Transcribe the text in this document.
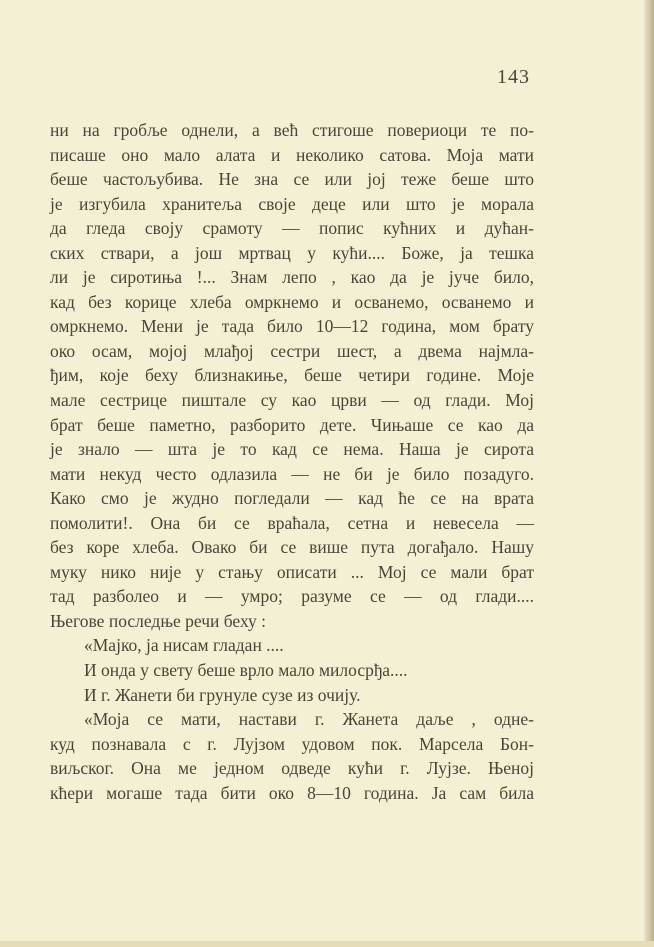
143
ни на гробље однели, а већ стигоше повериоци те по-
писаше оно мало алата и неколико сатова. Моја мати
беше частољубива. Не зна се или јој теже беше што
је изгубила хранитеља своје деце или што је морала
да гледа своју срамоту — попис кућних и дућан-
ских ствари, а још мртвац у кући.... Боже, ја тешка
ли је сиротиња !... Знам лепо , као да је јуче било,
кад без корице хлеба омркнемо и осванемо, осванемо и
омркнемо. Мени је тада било 10—12 година, мом брату
око осам, мојој млађој сестри шест, а двема најмла-
ђим, које беху близнакиње, беше четири године. Моје
мале сестрице пиштале су као црви — од глади. Мој
брат беше паметно, разборито дете. Чињаше се као да
је знало — шта је то кад се нема. Наша је сирота
мати некуд често одлазила — не би је било позадуго.
Како смо је жудно погледали — кад ће се на врата
помолити!. Она би се враћала, сетна и невесела —
без коре хлеба. Овако би се више пута догађало. Нашу
муку нико није у стању описати ... Мој се мали брат
тад разболео и — умро; разуме се — од глади....
Његове последње речи беху :
«Мајко, ја нисам гладан ....
И онда у свету беше врло мало милосрђа....
И г. Жанети би грунуле сузе из очију.
«Моја се мати, настави г. Жанета даље , одне-
куд познавала с г. Лујзом удовом пок. Марсела Бон-
виљског. Она ме једном одведе кући г. Лујзе. Њеној
кћери могаше тада бити око 8—10 година. Ја сам била
